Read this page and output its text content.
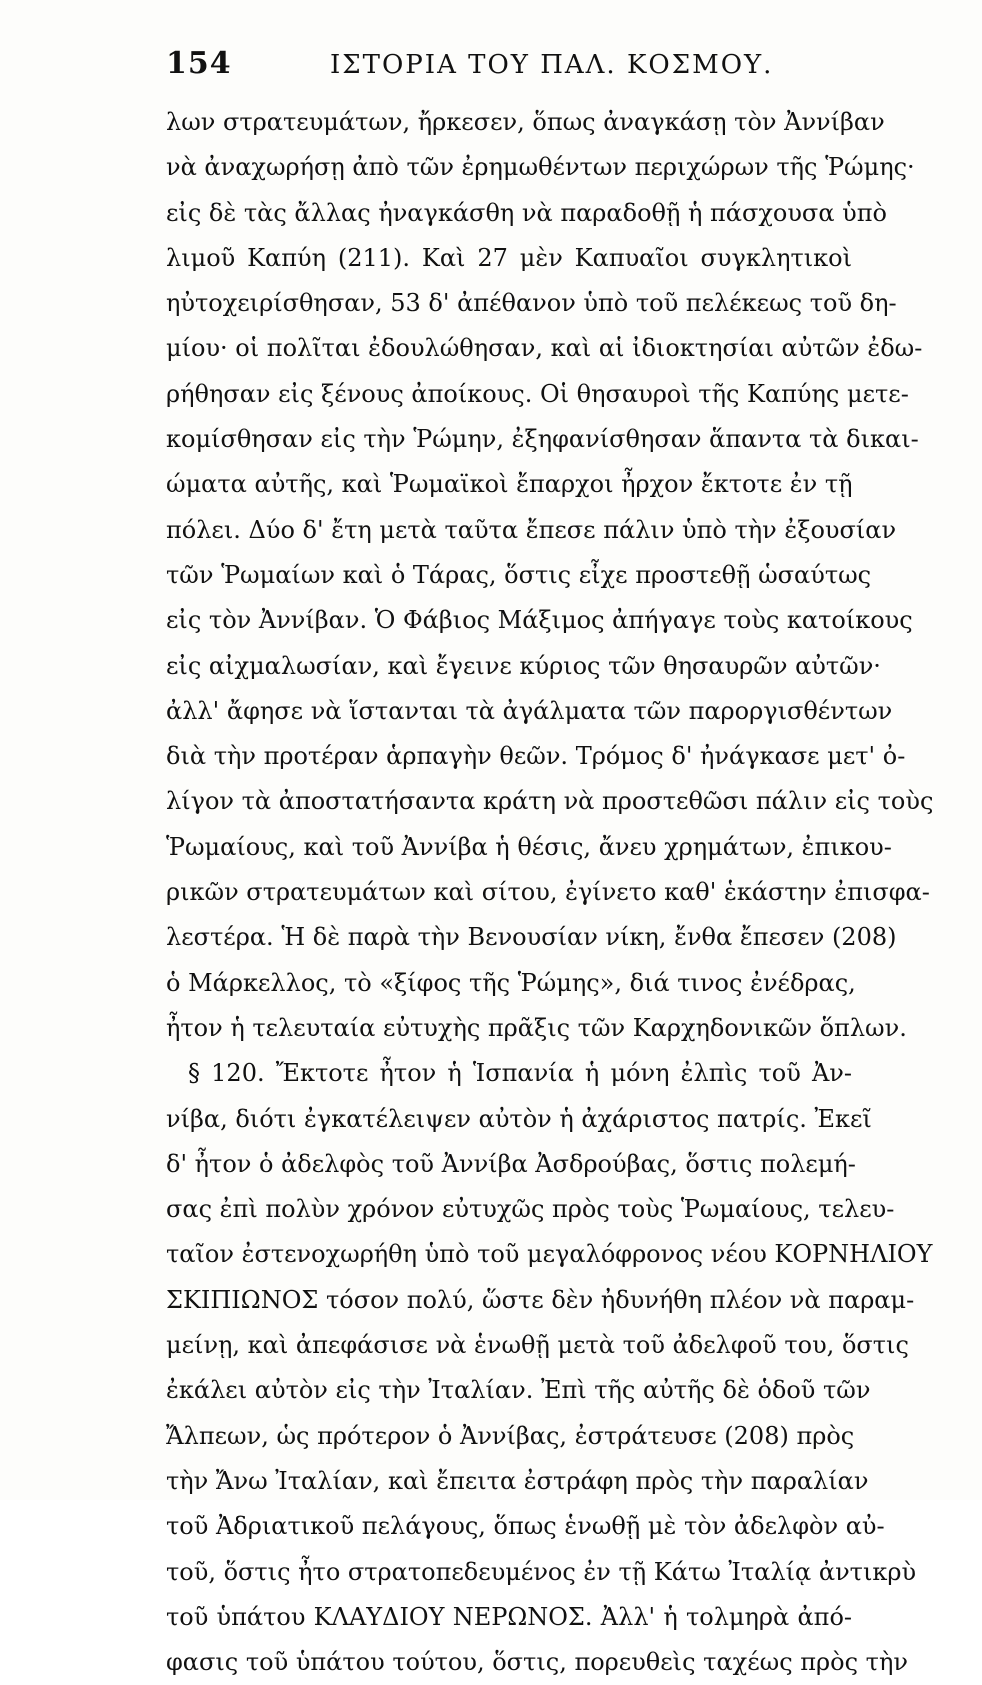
154	ΙΣΤΟΡΙΑ ΤΟΥ ΠΑΛ. ΚΟΣΜΟΥ.
λων στρατευμάτων, ἤρκεσεν, ὅπως ἀναγκάσῃ τὸν Ἀννίβαν
νὰ ἀναχωρήσῃ ἀπὸ τῶν ἐρημωθέντων περιχώρων τῆς Ῥώμης·
εἰς δὲ τὰς ἄλλας ἠναγκάσθη νὰ παραδοθῇ ἡ πάσχουσα ὑπὸ
λιμοῦ Καπύη (211). Καὶ 27 μὲν Καπυαῖοι συγκλητικοὶ
ηὐτοχειρίσθησαν, 53 δ' ἀπέθανον ὑπὸ τοῦ πελέκεως τοῦ δη-
μίου· οἱ πολῖται ἐδουλώθησαν, καὶ αἱ ἰδιοκτησίαι αὐτῶν ἐδω-
ρήθησαν εἰς ξένους ἀποίκους. Οἱ θησαυροὶ τῆς Καπύης μετε-
κομίσθησαν εἰς τὴν Ῥώμην, ἐξηφανίσθησαν ἅπαντα τὰ δικαι-
ώματα αὐτῆς, καὶ Ῥωμαϊκοὶ ἔπαρχοι ἦρχον ἔκτοτε ἐν τῇ
πόλει. Δύο δ' ἔτη μετὰ ταῦτα ἔπεσε πάλιν ὑπὸ τὴν ἐξουσίαν
τῶν Ῥωμαίων καὶ ὁ Τάρας, ὅστις εἶχε προστεθῇ ὡσαύτως
εἰς τὸν Ἀννίβαν. Ὁ Φάβιος Μάξιμος ἀπήγαγε τοὺς κατοίκους
εἰς αἰχμαλωσίαν, καὶ ἔγεινε κύριος τῶν θησαυρῶν αὐτῶν·
ἀλλ' ἄφησε νὰ ἵστανται τὰ ἀγάλματα τῶν παροργισθέντων
διὰ τὴν προτέραν ἁρπαγὴν θεῶν. Τρόμος δ' ἠνάγκασε μετ' ὀ-
λίγον τὰ ἀποστατήσαντα κράτη νὰ προστεθῶσι πάλιν εἰς τοὺς
Ῥωμαίους, καὶ τοῦ Ἀννίβα ἡ θέσις, ἄνευ χρημάτων, ἐπικου-
ρικῶν στρατευμάτων καὶ σίτου, ἐγίνετο καθ' ἑκάστην ἐπισφα-
λεστέρα. Ἡ δὲ παρὰ τὴν Βενουσίαν νίκη, ἔνθα ἔπεσεν (208)
ὁ Μάρκελλος, τὸ «ξίφος τῆς Ῥώμης», διά τινος ἐνέδρας,
ἦτον ἡ τελευταία εὐτυχὴς πρᾶξις τῶν Καρχηδονικῶν ὅπλων.
§ 120. Ἔκτοτε ἦτον ἡ Ἱσπανία ἡ μόνη ἐλπὶς τοῦ Ἀν-
νίβα, διότι ἐγκατέλειψεν αὐτὸν ἡ ἀχάριστος πατρίς. Ἐκεῖ
δ' ἦτον ὁ ἀδελφὸς τοῦ Ἀννίβα Ἀσδρούβας, ὅστις πολεμή-
σας ἐπὶ πολὺν χρόνον εὐτυχῶς πρὸς τοὺς Ῥωμαίους, τελευ-
ταῖον ἐστενοχωρήθη ὑπὸ τοῦ μεγαλόφρονος νέου ΚΟΡΝΗΛΙΟΥ
ΣΚΙΠΙΩΝΟΣ τόσον πολύ, ὥστε δὲν ἠδυνήθη πλέον νὰ παραμ-
μείνῃ, καὶ ἀπεφάσισε νὰ ἑνωθῇ μετὰ τοῦ ἀδελφοῦ του, ὅστις
ἐκάλει αὐτὸν εἰς τὴν Ἰταλίαν. Ἐπὶ τῆς αὐτῆς δὲ ὁδοῦ τῶν
Ἄλπεων, ὡς πρότερον ὁ Ἀννίβας, ἐστράτευσε (208) πρὸς
τὴν Ἄνω Ἰταλίαν, καὶ ἔπειτα ἐστράφη πρὸς τὴν παραλίαν
τοῦ Ἀδριατικοῦ πελάγους, ὅπως ἑνωθῇ μὲ τὸν ἀδελφὸν αὐ-
τοῦ, ὅστις ἦτο στρατοπεδευμένος ἐν τῇ Κάτω Ἰταλίᾳ ἀντικρὺ
τοῦ ὑπάτου ΚΛΑΥΔΙΟΥ ΝΕΡΩΝΟΣ. Ἀλλ' ἡ τολμηρὰ ἀπό-
φασις τοῦ ὑπάτου τούτου, ὅστις, πορευθεὶς ταχέως πρὸς τὴν
